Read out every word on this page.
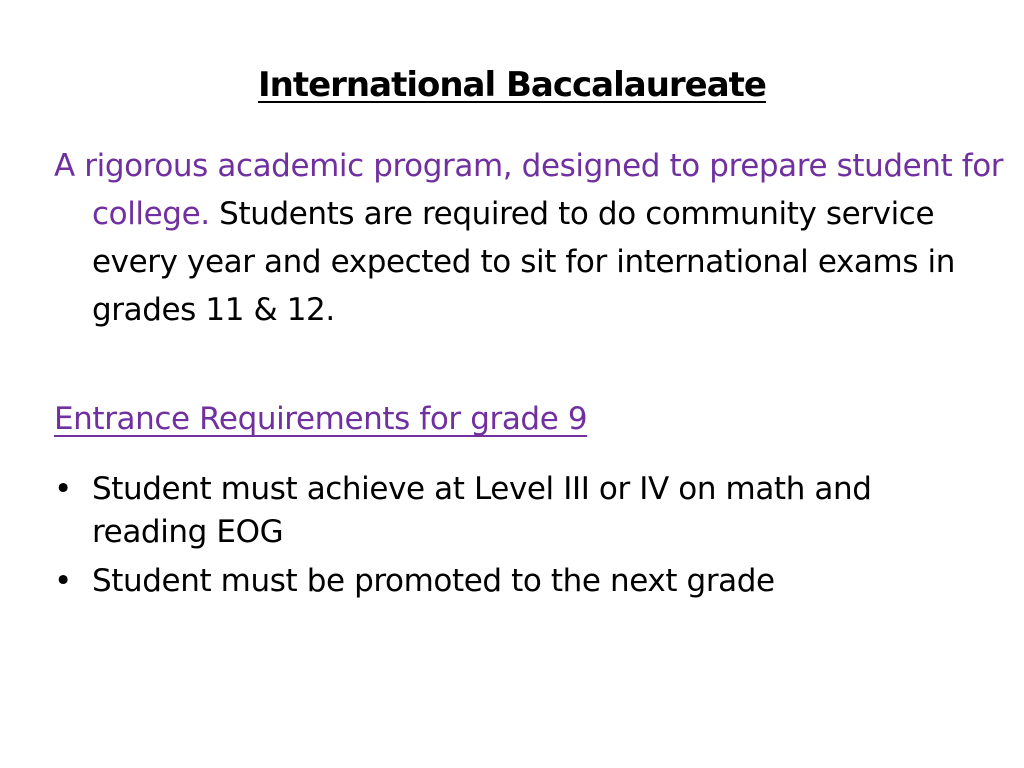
International Baccalaureate
A rigorous academic program, designed to prepare student for college. Students are required to do community service every year and expected to sit for international exams in grades 11 & 12.
Entrance Requirements for grade 9
• Student must achieve at Level III or IV on math and reading EOG
• Student must be promoted to the next grade
